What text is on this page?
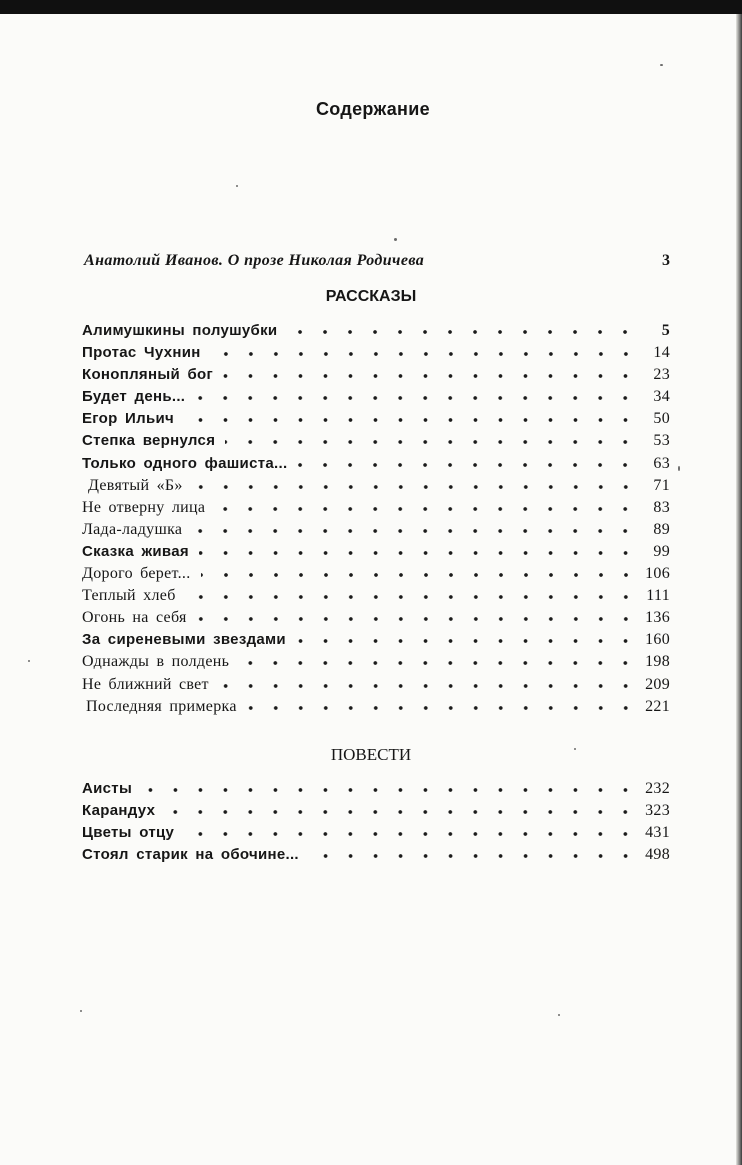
Содержание
Анатолий Иванов. О прозе Николая Родичева	3
РАССКАЗЫ
Алимушкины полушубки	5
Протас Чухнин	14
Конопляный бог	23
Будет день...	34
Егор Ильич	50
Степка вернулся	53
Только одного фашиста...	63
Девятый «Б»	71
Не отверну лица	83
Лада-ладушка	89
Сказка живая	99
Дорого берет...	106
Теплый хлеб	111
Огонь на себя	136
За сиреневыми звездами	160
Однажды в полдень	198
Не ближний свет	209
Последняя примерка	221
ПОВЕСТИ
Аисты	232
Карандух	323
Цветы отцу	431
Стоял старик на обочине...	498
